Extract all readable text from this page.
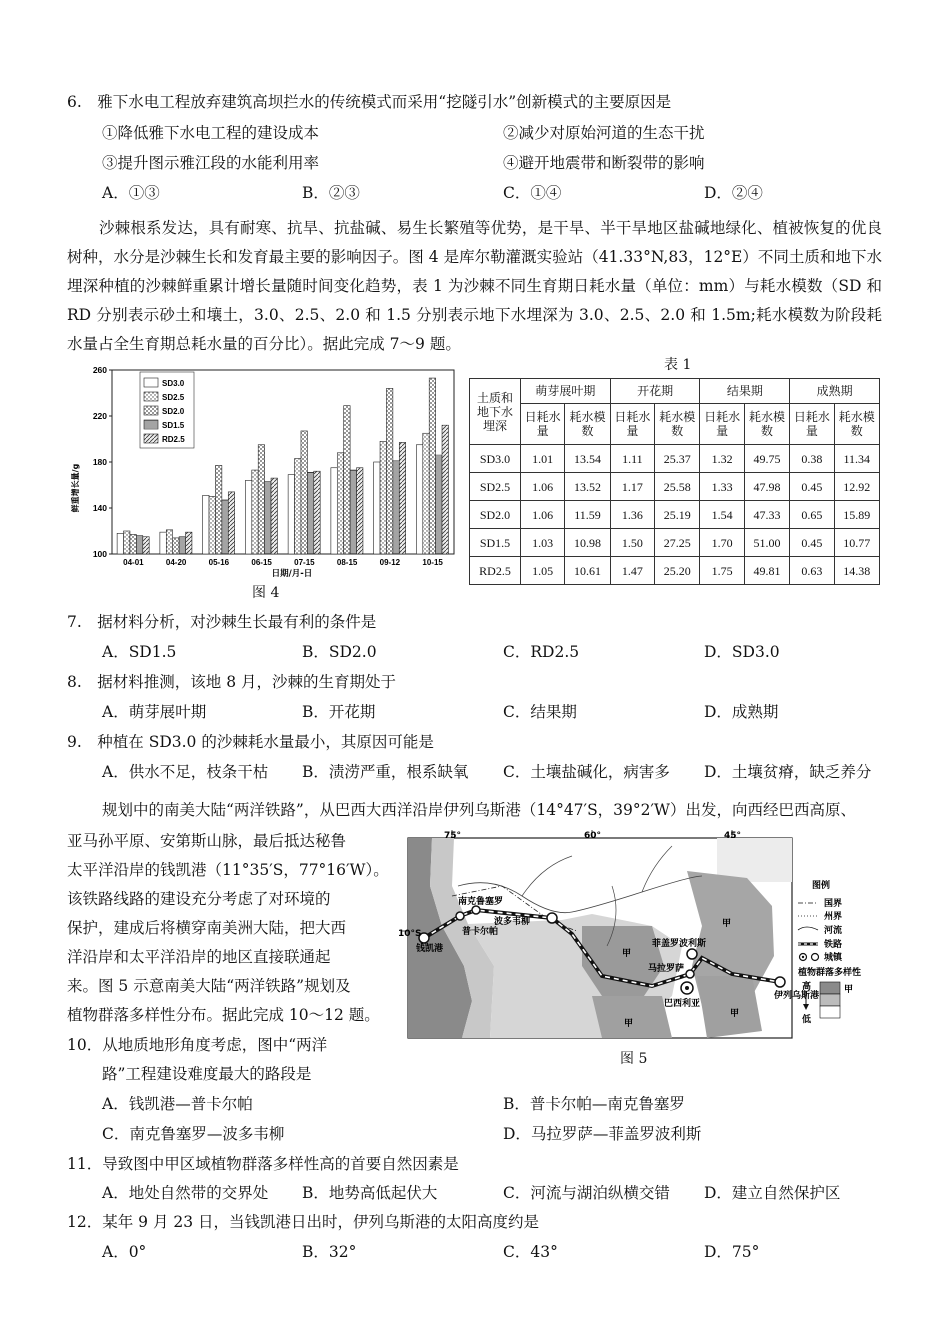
6.　雅下水电工程放弃建筑高坝拦水的传统模式而采用“挖隧引水”创新模式的主要原因是
①降低雅下水电工程的建设成本	②减少对原始河道的生态干扰
③提升图示雅江段的水能利用率	④避开地震带和断裂带的影响
A．①③	B．②③	C．①④	D．②④

沙棘根系发达，具有耐寒、抗旱、抗盐碱、易生长繁殖等优势，是干旱、半干旱地区盐碱地绿化、植被恢复的优良树种，水分是沙棘生长和发育最主要的影响因子。图 4 是库尔勒灌溉实验站（41.33°N,83，12°E）不同土质和地下水埋深种植的沙棘鲜重累计增长量随时间变化趋势，表 1 为沙棘不同生育期日耗水量（单位：mm）与耗水模数（SD 和 RD 分别表示砂土和壤土，3.0、2.5、2.0 和 1.5 分别表示地下水埋深为 3.0、2.5、2.0 和 1.5m;耗水模数为阶段耗水量占全生育期总耗水量的百分比）。据此完成 7～9 题。

100
140
180
220
260
04-01	04-20	05-16	06-15	07-15	08-15	09-12	10-15
SD3.0
SD2.5
SD2.0
SD1.5
RD2.5
鲜重增长量/g
日期/月-日
图 4
表 1
土质和
地下水
埋深	萌芽展叶期		开花期		结果期		成熟期	
	日耗水量	耗水模数	日耗水量	耗水模数	日耗水量	耗水模数	日耗水量	耗水模数
SD3.0	1.01	13.54	1.11	25.37	1.32	49.75	0.38	11.34
SD2.5	1.06	13.52	1.17	25.58	1.33	47.98	0.45	12.92
SD2.0	1.06	11.59	1.36	25.19	1.54	47.33	0.65	15.89
SD1.5	1.03	10.98	1.50	27.25	1.70	51.00	0.45	10.77
RD2.5	1.05	10.61	1.47	25.20	1.75	49.81	0.63	14.38
7.　据材料分析，对沙棘生长最有利的条件是
A．SD1.5	B．SD2.0	C．RD2.5	D．SD3.0
8.　据材料推测，该地 8 月，沙棘的生育期处于
A．萌芽展叶期	B．开花期	C．结果期	D．成熟期
9.　种植在 SD3.0 的沙棘耗水量最小，其原因可能是
A．供水不足，枝条干枯 B．渍涝严重，根系缺氧 C．土壤盐碱化，病害多 D．土壤贫瘠，缺乏养分
规划中的南美大陆“两洋铁路”，从巴西大西洋沿岸伊列乌斯港（14°47′S，39°2′W）出发，向西经巴西高原、
亚马孙平原、安第斯山脉，最后抵达秘鲁
太平洋沿岸的钱凯港（11°35′S，77°16′W）。
该铁路线路的建设充分考虑了对环境的
保护，建成后将横穿南美洲大陆，把大西
洋沿岸和太平洋沿岸的地区直接联通起
来。图 5 示意南美大陆“两洋铁路”规划及
植物群落多样性分布。据此完成 10～12 题。
75°	60°	45°
10°S
钱凯港
普卡尔帕
南克鲁塞罗
波多韦柳
菲盖罗波利斯
马拉罗萨
巴西利亚
伊列乌斯港
甲
甲
甲
甲
图例
国界
州界
河流
铁路
城镇
植物群落多样性
高
低
甲
图 5
10．从地质地形角度考虑，图中“两洋
路”工程建设难度最大的路段是
A．钱凯港—普卡尔帕	B．普卡尔帕—南克鲁塞罗
C．南克鲁塞罗—波多韦柳	D．马拉罗萨—菲盖罗波利斯
11．导致图中甲区域植物群落多样性高的首要自然因素是
A．地处自然带的交界处 B．地势高低起伏大	C．河流与湖泊纵横交错 D．建立自然保护区
12．某年 9 月 23 日，当钱凯港日出时，伊列乌斯港的太阳高度约是
A．0°	B．32°	C．43°	D．75°
